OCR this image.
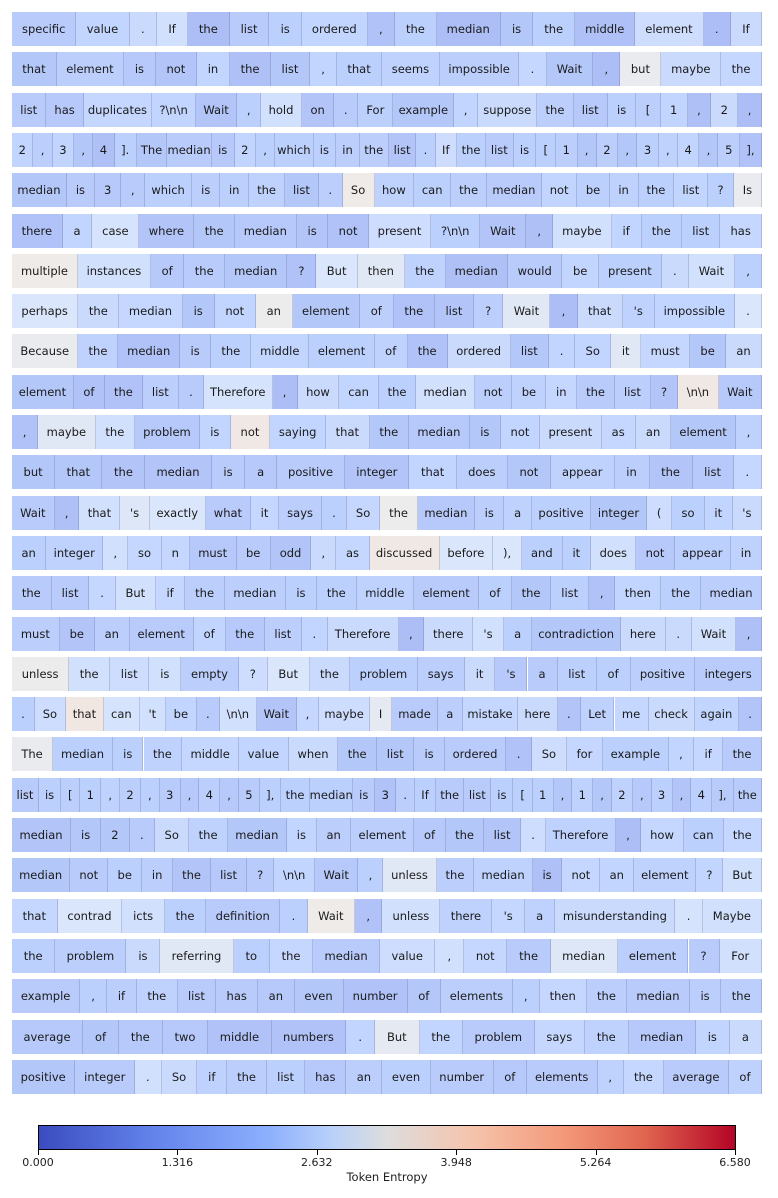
specific	value	.	If	the	list	is	ordered	,	the	median	is	the	middle	element	.	If
that	element	is	not	in	the	list	,	that	seems	impossible	.	Wait	,	but	maybe	the
list	has	duplicates	?\n\n	Wait	,	hold	on	.	For	example	,	suppose	the	list	is	[	1	,	2	,
2	,	3	,	4	].	The median is	2	, which is	in	the list	.	If	the list	is	[	1	,	2	,	3	,	4	,	5	],
median	is	3	,	which	is	in	the	list	.	So	how	can	the	median	not	be	in	the	list	?	Is
there	a	case	where	the	median	is	not	present	?\n\n	Wait	,	maybe	if	the	list	has
multiple	instances	of	the	median	?	But	then	the	median	would	be	present	.	Wait	,
perhaps	the	median	is	not	an	element	of	the	list	?	Wait	,	that	's	impossible	.
Because	the	median	is	the	middle	element	of	the	ordered	list	.	So	it	must	be	an
element	of	the	list	.	Therefore	,	how	can	the	median	not	be	in	the	list	?	\n\n	Wait
,	maybe	the	problem	is	not	saying	that	the	median	is	not	present	as	an	element	,
but	that	the	median	is	a	positive	integer	that	does	not	appear	in	the	list	.
Wait	,	that	's	exactly	what	it	says	.	So	the	median	is	a	positive	integer	(	so	it	's
an	integer	,	so	n	must	be	odd	,	as	discussed	before	),	and	it	does	not	appear	in
the	list	.	But	if	the	median	is	the	middle	element	of	the	list	,	then	the	median
must	be	an	element	of	the	list	.	Therefore	,	there	's	a	contradiction	here	.	Wait	,
unless	the	list	is	empty	?	But	the	problem	says	it	's	a	list	of	positive	integers
.	So	that	can	't	be	.	\n\n	Wait	,	maybe	I	made	a	mistake	here	.	Let	me	check	again	.
The	median	is	the	middle	value	when	the	list	is	ordered	.	So	for	example	,	if	the
list	is	[	1	,	2	,	3	,	4	,	5	], the median is	3	.	If the list	is	[	1	,	1	,	2	,	3	,	4	], the
median	is	2	.	So	the	median	is	an	element	of	the	list	.	Therefore	,	how	can	the
median	not	be	in	the	list	?	\n\n	Wait	,	unless	the	median	is	not	an	element	?	But
that	contrad	icts	the	definition	.	Wait	,	unless	there	's	a	misunderstanding	.	Maybe
the	problem	is	referring	to	the	median	value	,	not	the	median	element	?	For
example	,	if	the	list	has	an	even	number	of	elements	,	then	the	median	is	the
average	of	the	two	middle	numbers	.	But	the	problem	says	the	median	is	a
positive	integer	.	So	if	the	list	has	an	even	number	of	elements	,	the	average	of
0.000	1.316	2.632	3.948	5.264	6.580
Token Entropy
